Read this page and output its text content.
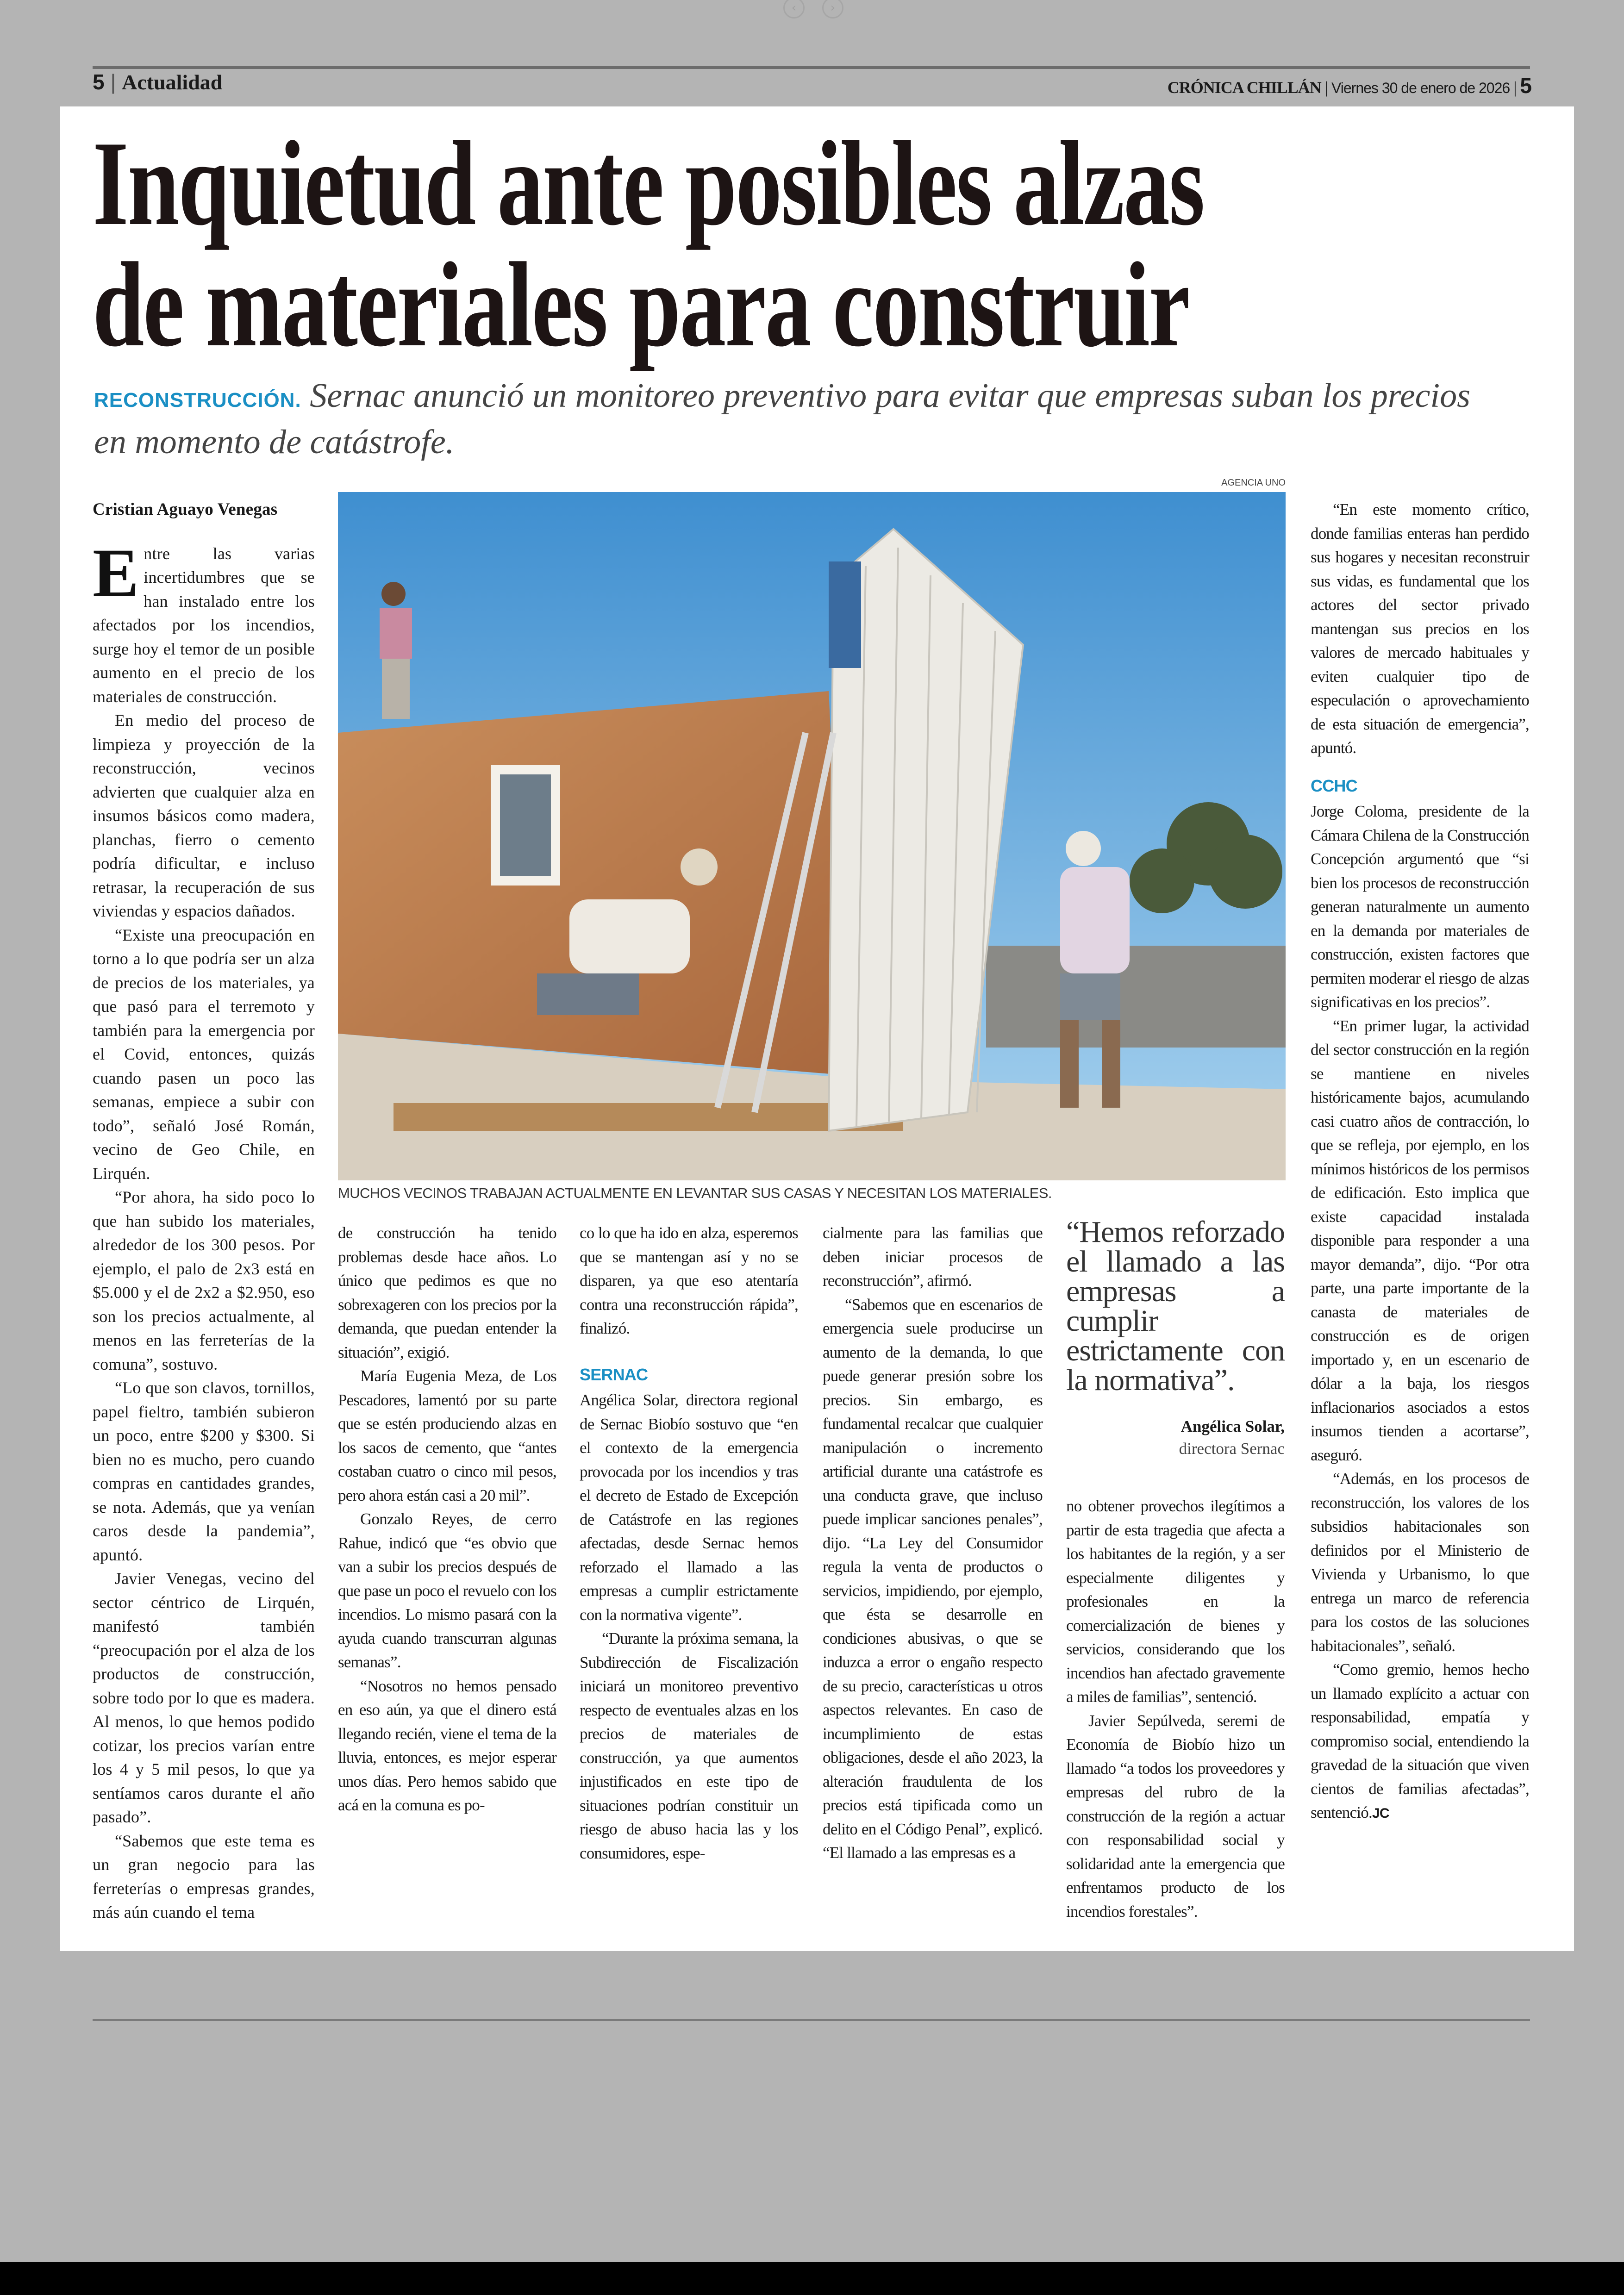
‹	›
5 | Actualidad	CRÓNICA CHILLÁN | Viernes 30 de enero de 2026 | 5
Inquietud ante posibles alzas
de materiales para construir
RECONSTRUCCIÓN. Sernac anunció un monitoreo preventivo para evitar que empresas suban los precios en momento de catástrofe.
Cristian Aguayo Venegas

Entre las varias incertidumbres que se han instalado entre los afectados por los incendios, surge hoy el temor de un posible aumento en el precio de los materiales de construcción.

En medio del proceso de limpieza y proyección de la reconstrucción, vecinos advierten que cualquier alza en insumos básicos como madera, planchas, fierro o cemento podría dificultar, e incluso retrasar, la recuperación de sus viviendas y espacios dañados.

“Existe una preocupación en torno a lo que podría ser un alza de precios de los materiales, ya que pasó para el terremoto y también para la emergencia por el Covid, entonces, quizás cuando pasen un poco las semanas, empiece a subir con todo”, señaló José Román, vecino de Geo Chile, en Lirquén.

“Por ahora, ha sido poco lo que han subido los materiales, alrededor de los 300 pesos. Por ejemplo, el palo de 2x3 está en $5.000 y el de 2x2 a $2.950, eso son los precios actualmente, al menos en las ferreterías de la comuna”, sostuvo.

“Lo que son clavos, tornillos, papel fieltro, también subieron un poco, entre $200 y $300. Si bien no es mucho, pero cuando compras en cantidades grandes, se nota. Además, que ya venían caros desde la pandemia”, apuntó.

Javier Venegas, vecino del sector céntrico de Lirquén, manifestó también “preocupación por el alza de los productos de construcción, sobre todo por lo que es madera. Al menos, lo que hemos podido cotizar, los precios varían entre los 4 y 5 mil pesos, lo que ya sentíamos caros durante el año pasado”.

“Sabemos que este tema es un gran negocio para las ferreterías o empresas grandes, más aún cuando el tema

AGENCIA UNO
MUCHOS VECINOS TRABAJAN ACTUALMENTE EN LEVANTAR SUS CASAS Y NECESITAN LOS MATERIALES.

de construcción ha tenido problemas desde hace años. Lo único que pedimos es que no sobrexageren con los precios por la demanda, que puedan entender la situación”, exigió.

María Eugenia Meza, de Los Pescadores, lamentó por su parte que se estén produciendo alzas en los sacos de cemento, que “antes costaban cuatro o cinco mil pesos, pero ahora están casi a 20 mil”.

Gonzalo Reyes, de cerro Rahue, indicó que “es obvio que van a subir los precios después de que pase un poco el revuelo con los incendios. Lo mismo pasará con la ayuda cuando transcurran algunas semanas”.

“Nosotros no hemos pensado en eso aún, ya que el dinero está llegando recién, viene el tema de la lluvia, entonces, es mejor esperar unos días. Pero hemos sabido que acá en la comuna es po-

co lo que ha ido en alza, esperemos que se mantengan así y no se disparen, ya que eso atentaría contra una reconstrucción rápida”, finalizó.

SERNAC

Angélica Solar, directora regional de Sernac Biobío sostuvo que “en el contexto de la emergencia provocada por los incendios y tras el decreto de Estado de Excepción de Catástrofe en las regiones afectadas, desde Sernac hemos reforzado el llamado a las empresas a cumplir estrictamente con la normativa vigente”.

“Durante la próxima semana, la Subdirección de Fiscalización iniciará un monitoreo preventivo respecto de eventuales alzas en los precios de materiales de construcción, ya que aumentos injustificados en este tipo de situaciones podrían constituir un riesgo de abuso hacia las y los consumidores, espe-

cialmente para las familias que deben iniciar procesos de reconstrucción”, afirmó.

“Sabemos que en escenarios de emergencia suele producirse un aumento de la demanda, lo que puede generar presión sobre los precios. Sin embargo, es fundamental recalcar que cualquier manipulación o incremento artificial durante una catástrofe es una conducta grave, que incluso puede implicar sanciones penales”, dijo. “La Ley del Consumidor regula la venta de productos o servicios, impidiendo, por ejemplo, que ésta se desarrolle en condiciones abusivas, o que se induzca a error o engaño respecto de su precio, características u otros aspectos relevantes. En caso de incumplimiento de estas obligaciones, desde el año 2023, la alteración fraudulenta de los precios está tipificada como un delito en el Código Penal”, explicó. “El llamado a las empresas es a

“Hemos reforzado el llamado a las empresas a cumplir estrictamente con la normativa”.
Angélica Solar,
directora Sernac

no obtener provechos ilegítimos a partir de esta tragedia que afecta a los habitantes de la región, y a ser especialmente diligentes y profesionales en la comercialización de bienes y servicios, considerando que los incendios han afectado gravemente a miles de familias”, sentenció.

Javier Sepúlveda, seremi de Economía de Biobío hizo un llamado “a todos los proveedores y empresas del rubro de la construcción de la región a actuar con responsabilidad social y solidaridad ante la emergencia que enfrentamos producto de los incendios forestales”.

“En este momento crítico, donde familias enteras han perdido sus hogares y necesitan reconstruir sus vidas, es fundamental que los actores del sector privado mantengan sus precios en los valores de mercado habituales y eviten cualquier tipo de especulación o aprovechamiento de esta situación de emergencia”, apuntó.

CCHC

Jorge Coloma, presidente de la Cámara Chilena de la Construcción Concepción argumentó que “si bien los procesos de reconstrucción generan naturalmente un aumento en la demanda por materiales de construcción, existen factores que permiten moderar el riesgo de alzas significativas en los precios”.

“En primer lugar, la actividad del sector construcción en la región se mantiene en niveles históricamente bajos, acumulando casi cuatro años de contracción, lo que se refleja, por ejemplo, en los mínimos históricos de los permisos de edificación. Esto implica que existe capacidad instalada disponible para responder a una mayor demanda”, dijo. “Por otra parte, una parte importante de la canasta de materiales de construcción es de origen importado y, en un escenario de dólar a la baja, los riesgos inflacionarios asociados a estos insumos tienden a acortarse”, aseguró.

“Además, en los procesos de reconstrucción, los valores de los subsidios habitacionales son definidos por el Ministerio de Vivienda y Urbanismo, lo que entrega un marco de referencia para los costos de las soluciones habitacionales”, señaló.

“Como gremio, hemos hecho un llamado explícito a actuar con responsabilidad, empatía y compromiso social, entendiendo la gravedad de la situación que viven cientos de familias afectadas”, sentenció.JC
